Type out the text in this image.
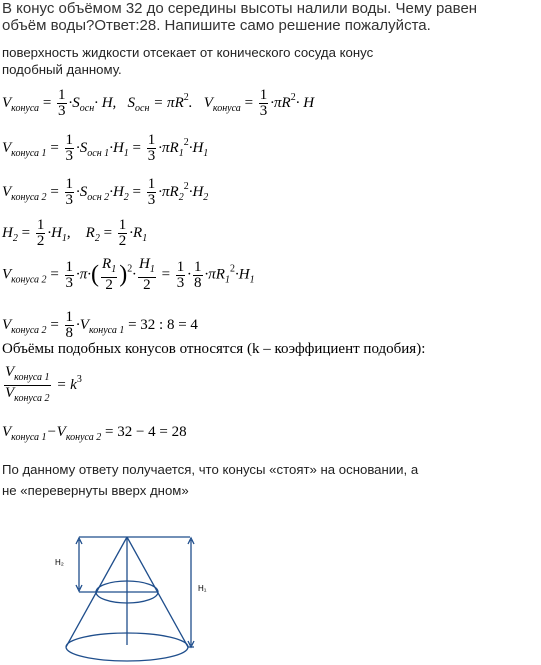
В конус объёмом 32 до середины высоты налили воды. Чему равен объём воды?Ответ:28. Напишите само решение пожалуйста.
поверхность жидкости отсекает от конического сосуда конус подобный данному.
$V_{конуса} = \frac{1}{3} \cdot S_{осн}\cdot H$, $S_{осн} = \pi R^2$. $V_{конуса} = \frac{1}{3} \cdot\pi R^2\cdot H$
$V_{конуса 1} = \frac{1}{3} \cdot S_{осн 1}\cdot H_1 = \frac{1}{3} \cdot\pi R_1^2\cdot H_1$
$V_{конуса 2} = \frac{1}{3} \cdot S_{осн 2}\cdot H_2 = \frac{1}{3} \cdot\pi R_2^2\cdot H_2$
$H_2 = \frac{1}{2} \cdot H_1$, $R_2 = \frac{1}{2} \cdot R_1$
$V_{конуса 2} = \frac{1}{3} \cdot\pi\cdot( \frac{R_1}{2} )^2\cdot \frac{H_1}{2} = \frac{1}{3} \cdot \frac{1}{8} \cdot\pi R_1^2\cdot H_1$
$V_{конуса 2} = \frac{1}{8} \cdot V_{конуса 1} = 32$ : 8 = 4
Объёмы подобных конусов относятся (k – коэффициент подобия):
$V_{конуса 1}$
$V_{конуса 2}$
= $k^3$
$V_{конуса 1}-V_{конуса 2} = 32 - 4 = 28$
По данному ответу получается, что конусы «стоят» на основании, а не «перевернуты вверх дном»
H₂
H₁
